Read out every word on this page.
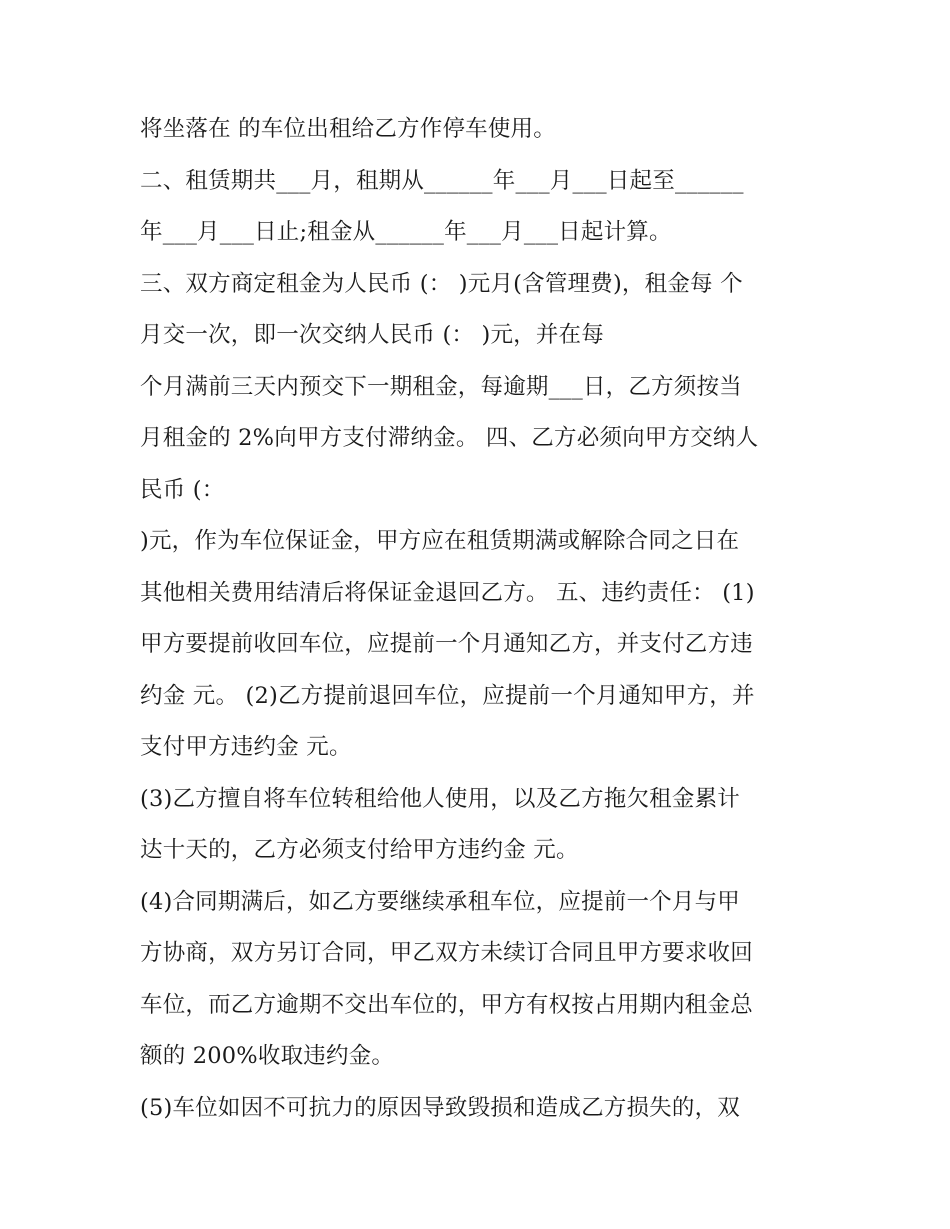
将坐落在 的车位出租给乙方作停车使用。
二、租赁期共___月，租期从______年___月___日起至______
年___月___日止;租金从______年___月___日起计算。
三、双方商定租金为人民币 (： )元月(含管理费)，租金每 个
月交一次，即一次交纳人民币 (： )元，并在每
个月满前三天内预交下一期租金，每逾期___日，乙方须按当
月租金的 2%向甲方支付滞纳金。 四、乙方必须向甲方交纳人
民币 (：
)元，作为车位保证金，甲方应在租赁期满或解除合同之日在
其他相关费用结清后将保证金退回乙方。 五、违约责任： (1)
甲方要提前收回车位，应提前一个月通知乙方，并支付乙方违
约金 元。 (2)乙方提前退回车位，应提前一个月通知甲方，并
支付甲方违约金 元。
(3)乙方擅自将车位转租给他人使用，以及乙方拖欠租金累计
达十天的，乙方必须支付给甲方违约金 元。
(4)合同期满后，如乙方要继续承租车位，应提前一个月与甲
方协商，双方另订合同，甲乙双方未续订合同且甲方要求收回
车位，而乙方逾期不交出车位的，甲方有权按占用期内租金总
额的 200%收取违约金。
(5)车位如因不可抗力的原因导致毁损和造成乙方损失的，双
